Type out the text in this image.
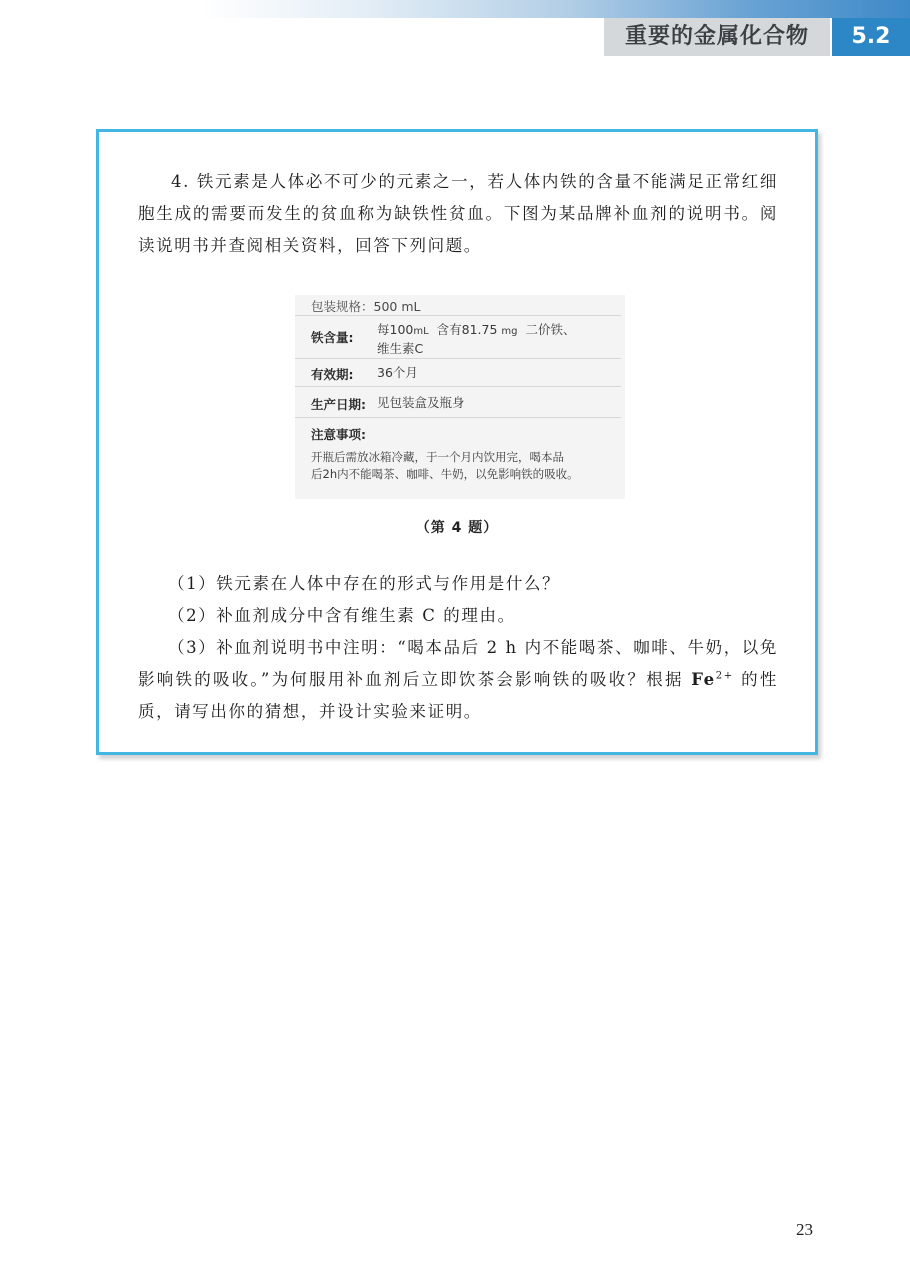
重要的金属化合物	5.2
4. 铁元素是人体必不可少的元素之一，若人体内铁的含量不能满足正常红细胞生成的需要而发生的贫血称为缺铁性贫血。下图为某品牌补血剂的说明书。阅读说明书并查阅相关资料，回答下列问题。
包装规格：500 mL
铁含量:
每100mL 含有81.75 mg 二价铁、
维生素C
有效期: 36个月
生产日期: 见包装盒及瓶身
注意事项:
开瓶后需放冰箱冷藏，于一个月内饮用完，喝本品
后2h内不能喝茶、咖啡、牛奶，以免影响铁的吸收。
（第 4 题）
（1）铁元素在人体中存在的形式与作用是什么？
（2）补血剂成分中含有维生素 C 的理由。
（3）补血剂说明书中注明：“喝本品后 2 h 内不能喝茶、咖啡、牛奶，以免影响铁的吸收。”为何服用补血剂后立即饮茶会影响铁的吸收？根据 $Fe^{2+}$ 的性质，请写出你的猜想，并设计实验来证明。
23
